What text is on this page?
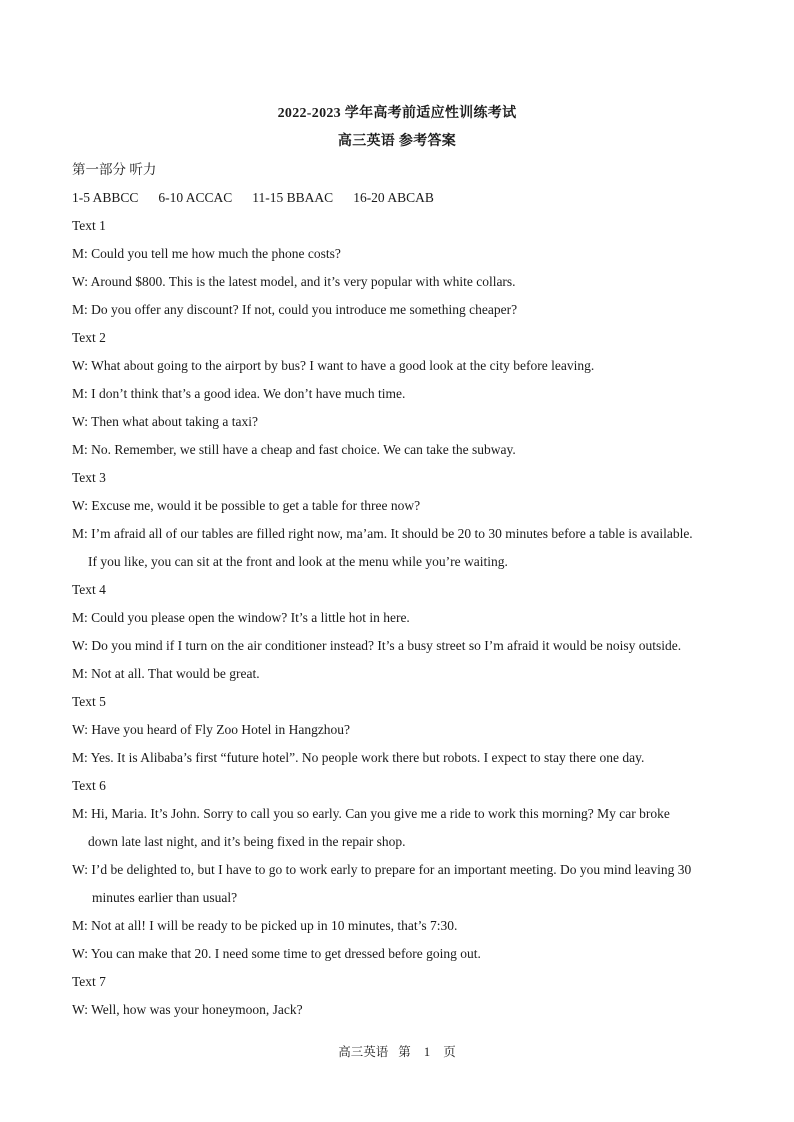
2022-2023 学年高考前适应性训练考试
高三英语 参考答案
第一部分 听力
1-5 ABBCC 6-10 ACCAC 11-15 BBAAC 16-20 ABCAB
Text 1
M: Could you tell me how much the phone costs?
W: Around $800. This is the latest model, and it’s very popular with white collars.
M: Do you offer any discount? If not, could you introduce me something cheaper?
Text 2
W: What about going to the airport by bus? I want to have a good look at the city before leaving.
M: I don’t think that’s a good idea. We don’t have much time.
W: Then what about taking a taxi?
M: No. Remember, we still have a cheap and fast choice. We can take the subway.
Text 3
W: Excuse me, would it be possible to get a table for three now?
M: I’m afraid all of our tables are filled right now, ma’am. It should be 20 to 30 minutes before a table is available.
If you like, you can sit at the front and look at the menu while you’re waiting.
Text 4
M: Could you please open the window? It’s a little hot in here.
W: Do you mind if I turn on the air conditioner instead? It’s a busy street so I’m afraid it would be noisy outside.
M: Not at all. That would be great.
Text 5
W: Have you heard of Fly Zoo Hotel in Hangzhou?
M: Yes. It is Alibaba’s first “future hotel”. No people work there but robots. I expect to stay there one day.
Text 6
M: Hi, Maria. It’s John. Sorry to call you so early. Can you give me a ride to work this morning? My car broke
down late last night, and it’s being fixed in the repair shop.
W: I’d be delighted to, but I have to go to work early to prepare for an important meeting. Do you mind leaving 30
minutes earlier than usual?
M: Not at all! I will be ready to be picked up in 10 minutes, that’s 7:30.
W: You can make that 20. I need some time to get dressed before going out.
Text 7
W: Well, how was your honeymoon, Jack?
高三英语 第 1 页
